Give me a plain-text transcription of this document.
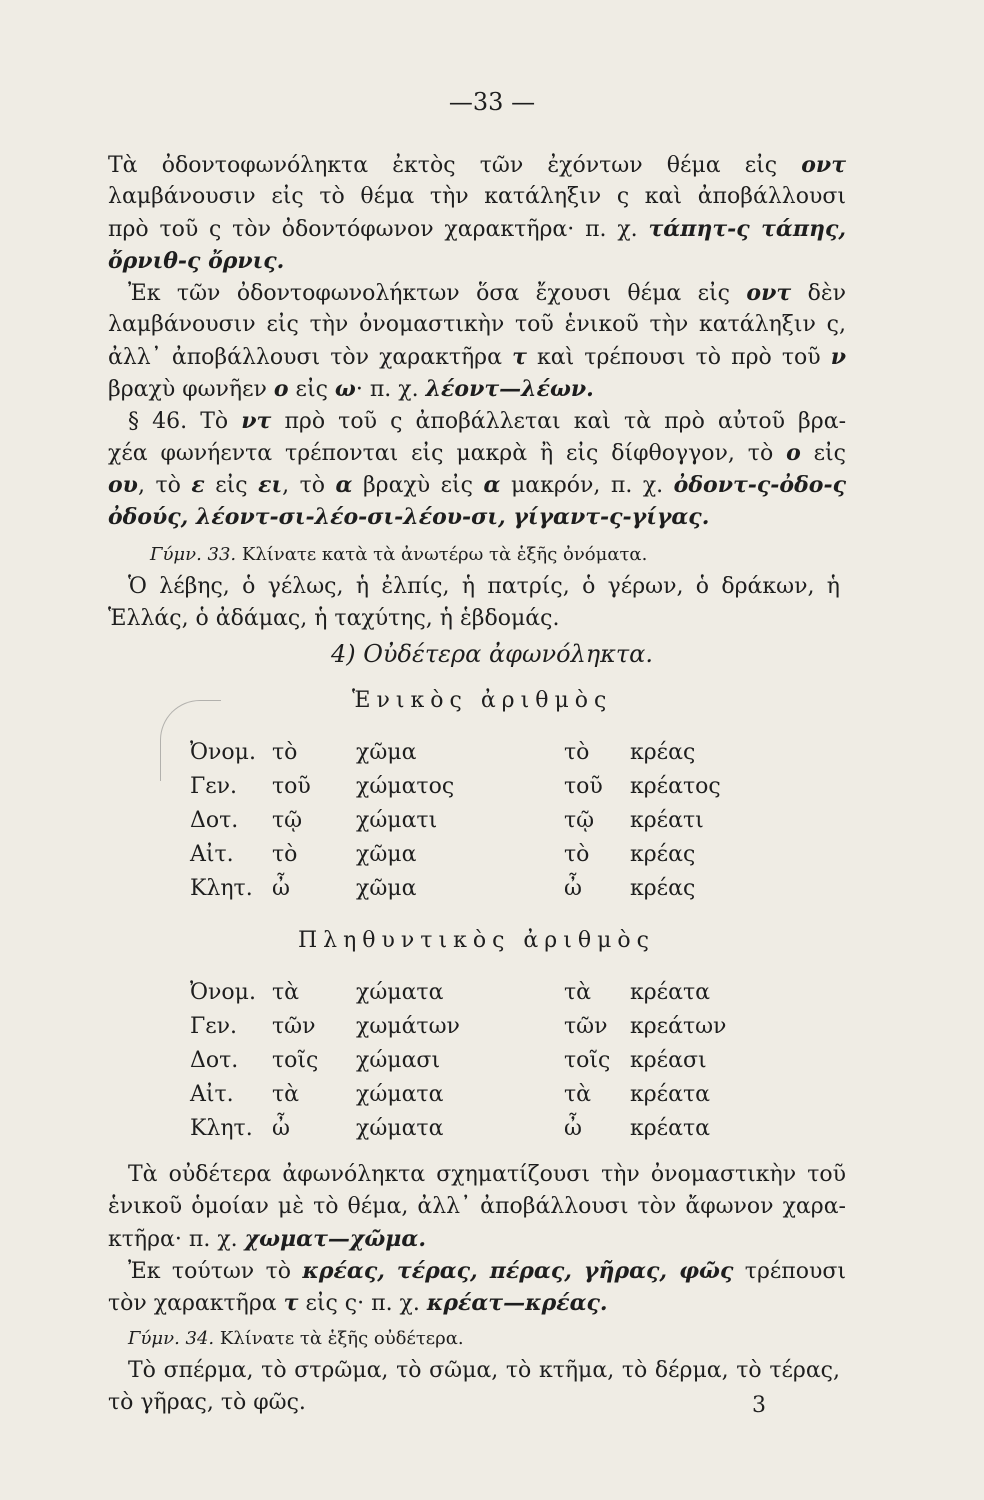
—33 —
Τὰ ὀδοντοφωνόληκτα ἐκτὸς τῶν ἐχόντων θέμα εἰς οντ
λαμβάνουσιν εἰς τὸ θέμα τὴν κατάληξιν ς καὶ ἀποβάλλουσι
πρὸ τοῦ ς τὸν ὀδοντόφωνον χαρακτῆρα· π. χ. τάπητ-ς τάπης,
ὄρνιθ-ς ὄρνις.
Ἐκ τῶν ὀδοντοφωνολήκτων ὅσα ἔχουσι θέμα εἰς οντ δὲν
λαμβάνουσιν εἰς τὴν ὀνομαστικὴν τοῦ ἑνικοῦ τὴν κατάληξιν ς,
ἀλλ᾽ ἀποβάλλουσι τὸν χαρακτῆρα τ καὶ τρέπουσι τὸ πρὸ τοῦ ν
βραχὺ φωνῆεν ο εἰς ω· π. χ. λέοντ—λέων.
§ 46. Τὸ ντ πρὸ τοῦ ς ἀποβάλλεται καὶ τὰ πρὸ αὐτοῦ βρα-
χέα φωνήεντα τρέπονται εἰς μακρὰ ἢ εἰς δίφθογγον, τὸ ο εἰς
ου, τὸ ε εἰς ει, τὸ α βραχὺ εἰς α μακρόν, π. χ. ὀδοντ-ς-ὀδο-ς
ὀδούς, λέοντ-σι-λέο-σι-λέου-σι, γίγαντ-ς-γίγας.
Γύμν. 33. Κλίνατε κατὰ τὰ ἀνωτέρω τὰ ἑξῆς ὀνόματα.
Ὁ λέβης, ὁ γέλως, ἡ ἐλπίς, ἡ πατρίς, ὁ γέρων, ὁ δράκων, ἡ
Ἑλλάς, ὁ ἀδάμας, ἡ ταχύτης, ἡ ἑβδομάς.
4) Οὐδέτερα ἀφωνόληκτα.
Ἑνικὸς ἀριθμὸς
Ὀνομ. τὸ	χῶμα	τὸ κρέας
Γεν. τοῦ χώματος	τοῦ κρέατος
Δοτ. τῷ χώματι	τῷ κρέατι
Αἰτ. τὸ	χῶμα	τὸ κρέας
Κλητ. ὦ	χῶμα	ὦ κρέας
Πληθυντικὸς ἀριθμὸς
Ὀνομ. τὰ	χώματα	τὰ κρέατα
Γεν. τῶν χωμάτων	τῶν κρεάτων
Δοτ. τοῖς χώμασι	τοῖς κρέασι
Αἰτ. τὰ	χώματα	τὰ κρέατα
Κλητ. ὦ	χώματα	ὦ κρέατα
Τὰ οὐδέτερα ἀφωνόληκτα σχηματίζουσι τὴν ὀνομαστικὴν τοῦ
ἑνικοῦ ὁμοίαν μὲ τὸ θέμα, ἀλλ᾽ ἀποβάλλουσι τὸν ἄφωνον χαρα-
κτῆρα· π. χ. χωματ—χῶμα.
Ἐκ τούτων τὸ κρέας, τέρας, πέρας, γῆρας, φῶς τρέπουσι
τὸν χαρακτῆρα τ εἰς ς· π. χ. κρέατ—κρέας.
Γύμν. 34. Κλίνατε τὰ ἑξῆς οὐδέτερα.
Τὸ σπέρμα, τὸ στρῶμα, τὸ σῶμα, τὸ κτῆμα, τὸ δέρμα, τὸ τέρας,
τὸ γῆρας, τὸ φῶς.	3
